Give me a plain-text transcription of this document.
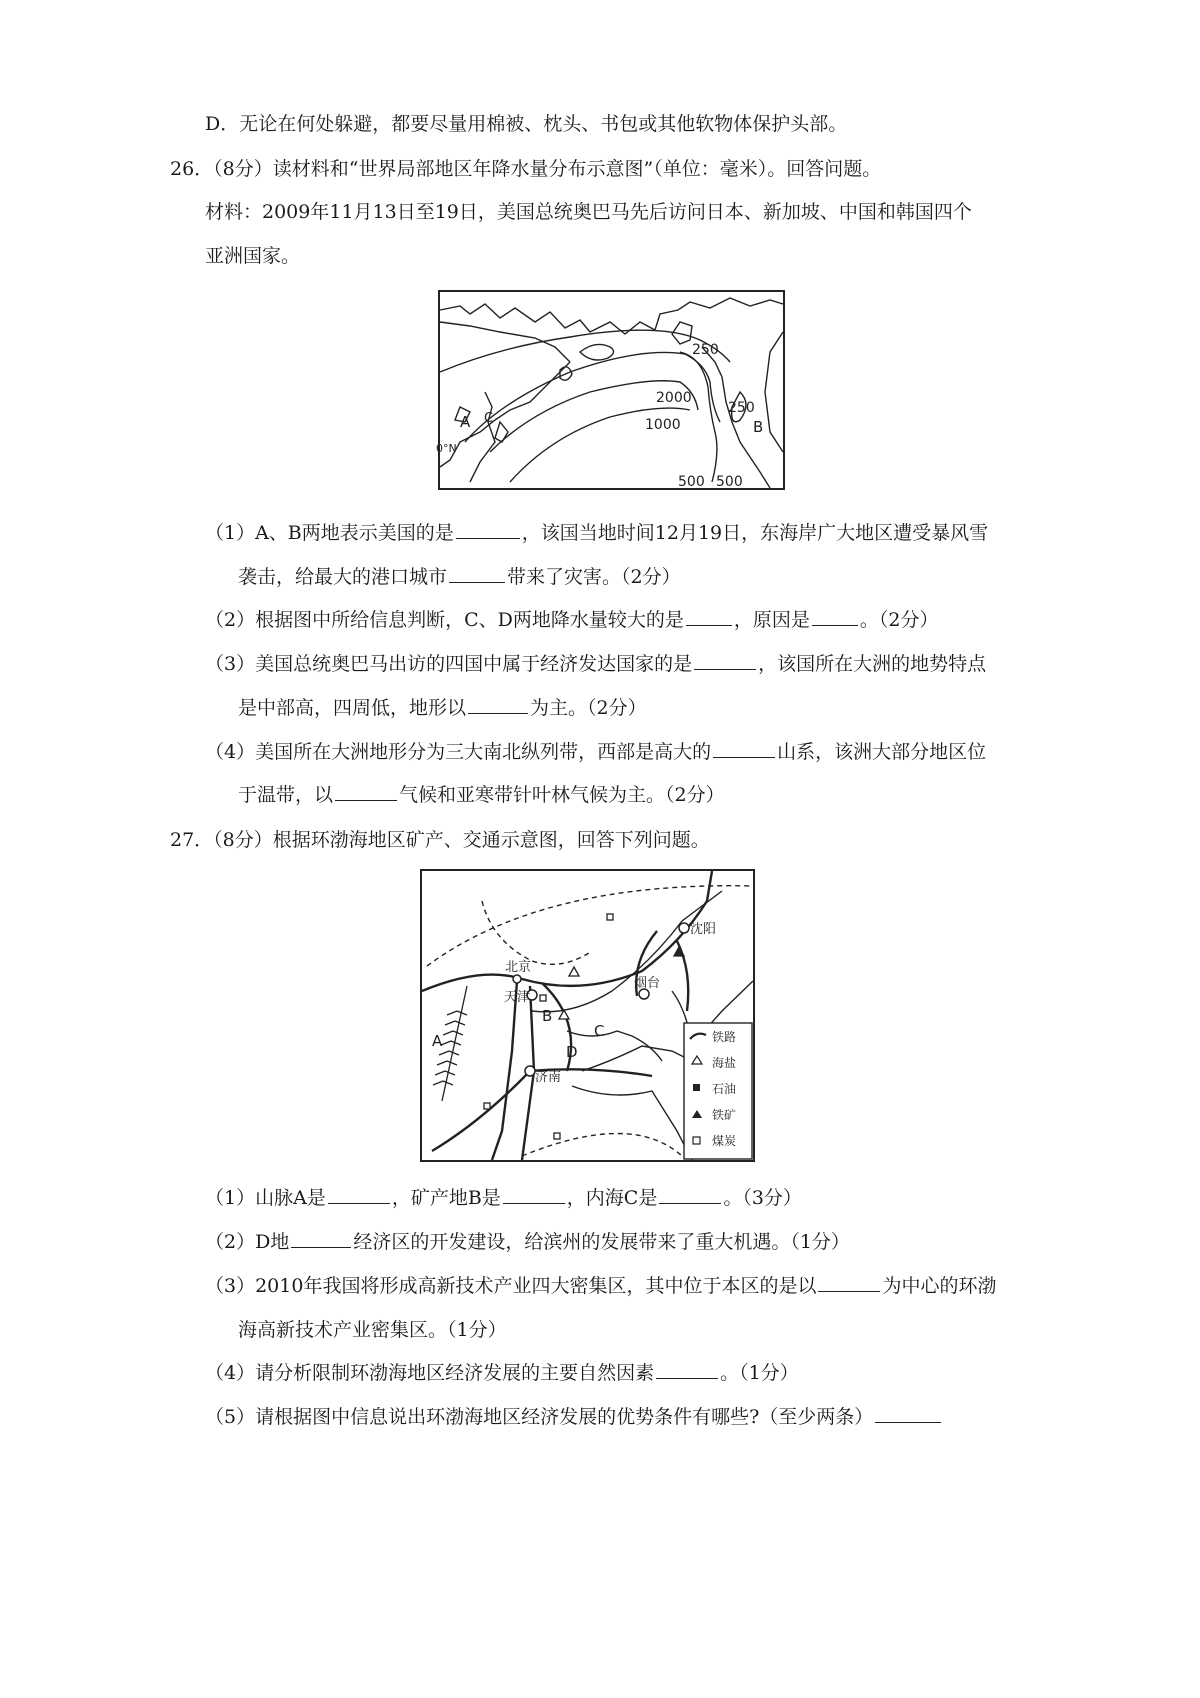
D．无论在何处躲避，都要尽量用棉被、枕头、书包或其他软物体保护头部。
26．（8分）读材料和“世界局部地区年降水量分布示意图”（单位：毫米）。回答问题。
材料：2009年11月13日至19日，美国总统奥巴马先后访问日本、新加坡、中国和韩国四个
亚洲国家。
A C	B
0°N
250
2000
1000
250
500 500
（1）A、B两地表示美国的是	，该国当地时间12月19日，东海岸广大地区遭受暴风雪
袭击，给最大的港口城市	带来了灾害。（2分）
（2）根据图中所给信息判断，C、D两地降水量较大的是	，原因是	。（2分）
（3）美国总统奥巴马出访的四国中属于经济发达国家的是	，该国所在大洲的地势特点
是中部高，四周低，地形以	为主。（2分）
（4）美国所在大洲地形分为三大南北纵列带，西部是高大的	山系，该洲大部分地区位
于温带，以	气候和亚寒带针叶林气候为主。（2分）
27．（8分）根据环渤海地区矿产、交通示意图，回答下列问题。
沈阳
北京
天津
烟台
济南
A
B
C
D
铁路
海盐
石油
铁矿
煤炭
（1）山脉A是	，矿产地B是	，内海C是	。（3分）
（2）D地	经济区的开发建设，给滨州的发展带来了重大机遇。（1分）
（3）2010年我国将形成高新技术产业四大密集区，其中位于本区的是以	为中心的环渤
海高新技术产业密集区。（1分）
（4）请分析限制环渤海地区经济发展的主要自然因素	。（1分）
（5）请根据图中信息说出环渤海地区经济发展的优势条件有哪些?（至少两条）
